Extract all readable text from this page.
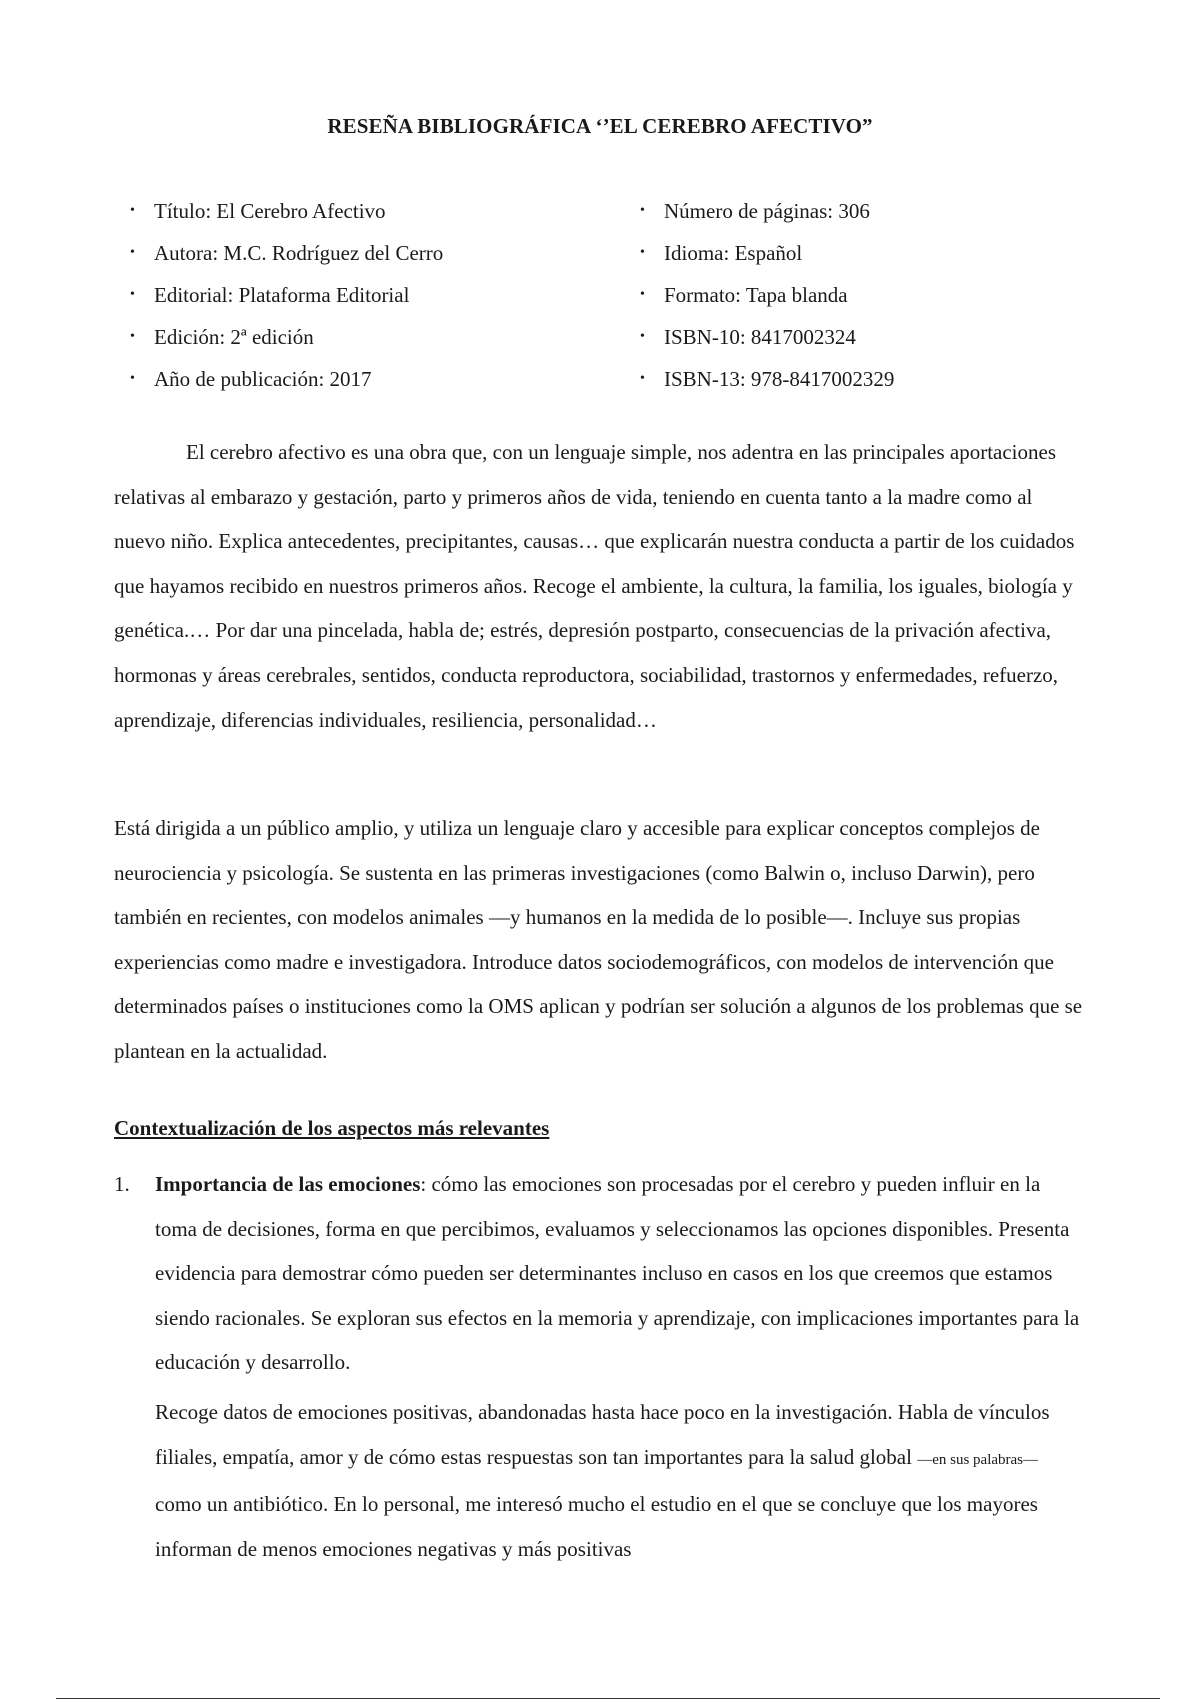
RESEÑA BIBLIOGRÁFICA ‘’EL CEREBRO AFECTIVO”
• Título: El Cerebro Afectivo
• Autora: M.C. Rodríguez del Cerro
• Editorial: Plataforma Editorial
• Edición: 2ª edición
• Año de publicación: 2017
• Número de páginas: 306
• Idioma: Español
• Formato: Tapa blanda
• ISBN-10: 8417002324
• ISBN-13: 978-8417002329

El cerebro afectivo es una obra que, con un lenguaje simple, nos adentra en las principales aportaciones relativas al embarazo y gestación, parto y primeros años de vida, teniendo en cuenta tanto a la madre como al nuevo niño. Explica antecedentes, precipitantes, causas… que explicarán nuestra conducta a partir de los cuidados que hayamos recibido en nuestros primeros años. Recoge el ambiente, la cultura, la familia, los iguales, biología y genética.… Por dar una pincelada, habla de; estrés, depresión postparto, consecuencias de la privación afectiva, hormonas y áreas cerebrales, sentidos, conducta reproductora, sociabilidad, trastornos y enfermedades, refuerzo, aprendizaje, diferencias individuales, resiliencia, personalidad…

Está dirigida a un público amplio, y utiliza un lenguaje claro y accesible para explicar conceptos complejos de neurociencia y psicología. Se sustenta en las primeras investigaciones (como Balwin o, incluso Darwin), pero también en recientes, con modelos animales —y humanos en la medida de lo posible—. Incluye sus propias experiencias como madre e investigadora. Introduce datos sociodemográficos, con modelos de intervención que determinados países o instituciones como la OMS aplican y podrían ser solución a algunos de los problemas que se plantean en la actualidad.

Contextualización de los aspectos más relevantes
1. Importancia de las emociones: cómo las emociones son procesadas por el cerebro y pueden influir en la toma de decisiones, forma en que percibimos, evaluamos y seleccionamos las opciones disponibles. Presenta evidencia para demostrar cómo pueden ser determinantes incluso en casos en los que creemos que estamos siendo racionales. Se exploran sus efectos en la memoria y aprendizaje, con implicaciones importantes para la educación y desarrollo.

Recoge datos de emociones positivas, abandonadas hasta hace poco en la investigación. Habla de vínculos filiales, empatía, amor y de cómo estas respuestas son tan importantes para la salud global —en sus palabras— como un antibiótico. En lo personal, me interesó mucho el estudio en el que se concluye que los mayores informan de menos emociones negativas y más positivas
